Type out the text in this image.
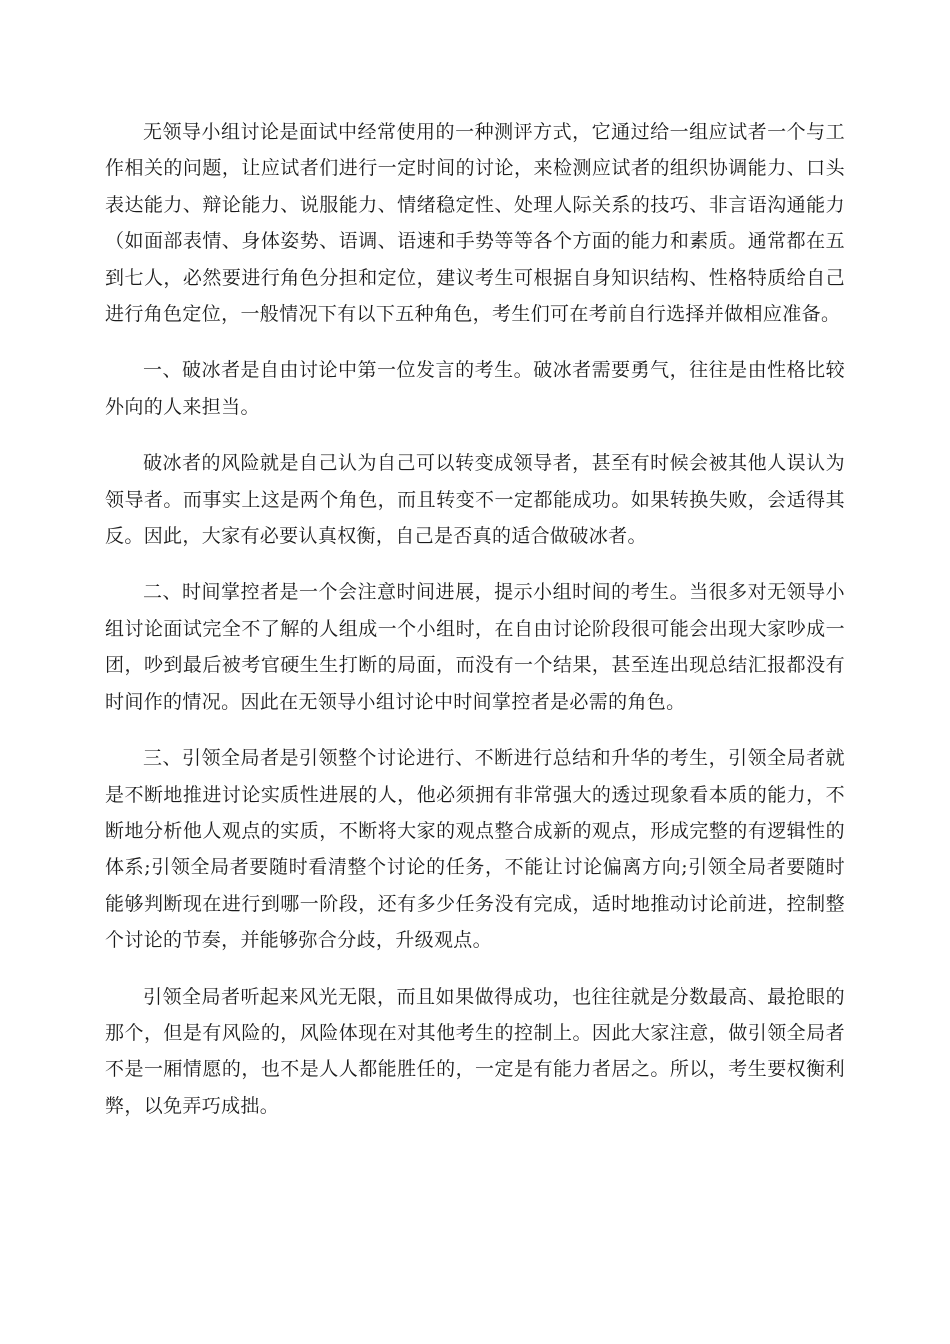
无领导小组讨论是面试中经常使用的一种测评方式，它通过给一组应试者一个与工作相关的问题，让应试者们进行一定时间的讨论，来检测应试者的组织协调能力、口头表达能力、辩论能力、说服能力、情绪稳定性、处理人际关系的技巧、非言语沟通能力（如面部表情、身体姿势、语调、语速和手势等等各个方面的能力和素质。通常都在五到七人，必然要进行角色分担和定位，建议考生可根据自身知识结构、性格特质给自己进行角色定位，一般情况下有以下五种角色，考生们可在考前自行选择并做相应准备。

一、破冰者是自由讨论中第一位发言的考生。破冰者需要勇气，往往是由性格比较外向的人来担当。

破冰者的风险就是自己认为自己可以转变成领导者，甚至有时候会被其他人误认为领导者。而事实上这是两个角色，而且转变不一定都能成功。如果转换失败，会适得其反。因此，大家有必要认真权衡，自己是否真的适合做破冰者。

二、时间掌控者是一个会注意时间进展，提示小组时间的考生。当很多对无领导小组讨论面试完全不了解的人组成一个小组时，在自由讨论阶段很可能会出现大家吵成一团，吵到最后被考官硬生生打断的局面，而没有一个结果，甚至连出现总结汇报都没有时间作的情况。因此在无领导小组讨论中时间掌控者是必需的角色。

三、引领全局者是引领整个讨论进行、不断进行总结和升华的考生，引领全局者就是不断地推进讨论实质性进展的人，他必须拥有非常强大的透过现象看本质的能力，不断地分析他人观点的实质，不断将大家的观点整合成新的观点，形成完整的有逻辑性的体系;引领全局者要随时看清整个讨论的任务，不能让讨论偏离方向;引领全局者要随时能够判断现在进行到哪一阶段，还有多少任务没有完成，适时地推动讨论前进，控制整个讨论的节奏，并能够弥合分歧，升级观点。

引领全局者听起来风光无限，而且如果做得成功，也往往就是分数最高、最抢眼的那个，但是有风险的，风险体现在对其他考生的控制上。因此大家注意，做引领全局者不是一厢情愿的，也不是人人都能胜任的，一定是有能力者居之。所以，考生要权衡利弊，以免弄巧成拙。
